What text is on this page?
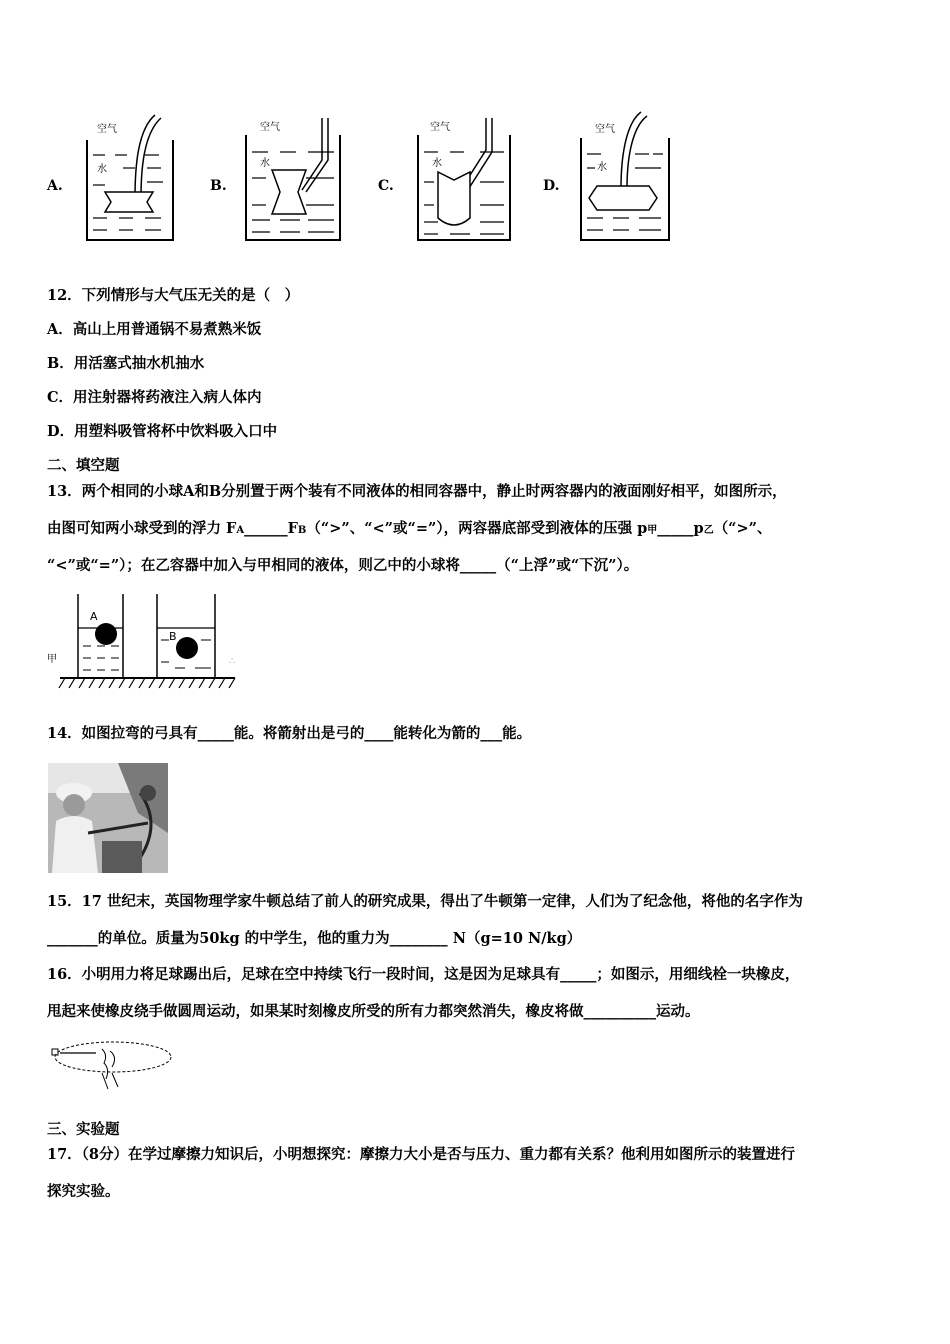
A.
空气
水
B.
空气
水
C.
空气
水
D.
空气
水
12．下列情形与大气压无关的是（　）
A．高山上用普通锅不易煮熟米饭
B．用活塞式抽水机抽水
C．用注射器将药液注入病人体内
D．用塑料吸管将杯中饮料吸入口中
二、填空题
13．两个相同的小球A和B分别置于两个装有不同液体的相同容器中，静止时两容器内的液面刚好相平，如图所示，
由图可知两小球受到的浮力 FA______FB（“>”、“<”或“=”），两容器底部受到液体的压强 p甲_____p乙（“>”、
“<”或“=”）；在乙容器中加入与甲相同的液体，则乙中的小球将_____（“上浮”或“下沉”）。
甲
A
B
∴
14．如图拉弯的弓具有_____能。将箭射出是弓的____能转化为箭的___能。
15．17 世纪末，英国物理学家牛顿总结了前人的研究成果，得出了牛顿第一定律，人们为了纪念他，将他的名字作为
_______的单位。质量为50kg 的中学生，他的重力为________ N（g=10 N/kg）
16．小明用力将足球踢出后，足球在空中持续飞行一段时间，这是因为足球具有_____；如图示，用细线栓一块橡皮，
甩起来使橡皮绕手做圆周运动，如果某时刻橡皮所受的所有力都突然消失，橡皮将做__________运动。
三、实验题
17．（8分）在学过摩擦力知识后，小明想探究：摩擦力大小是否与压力、重力都有关系？他利用如图所示的装置进行
探究实验。
